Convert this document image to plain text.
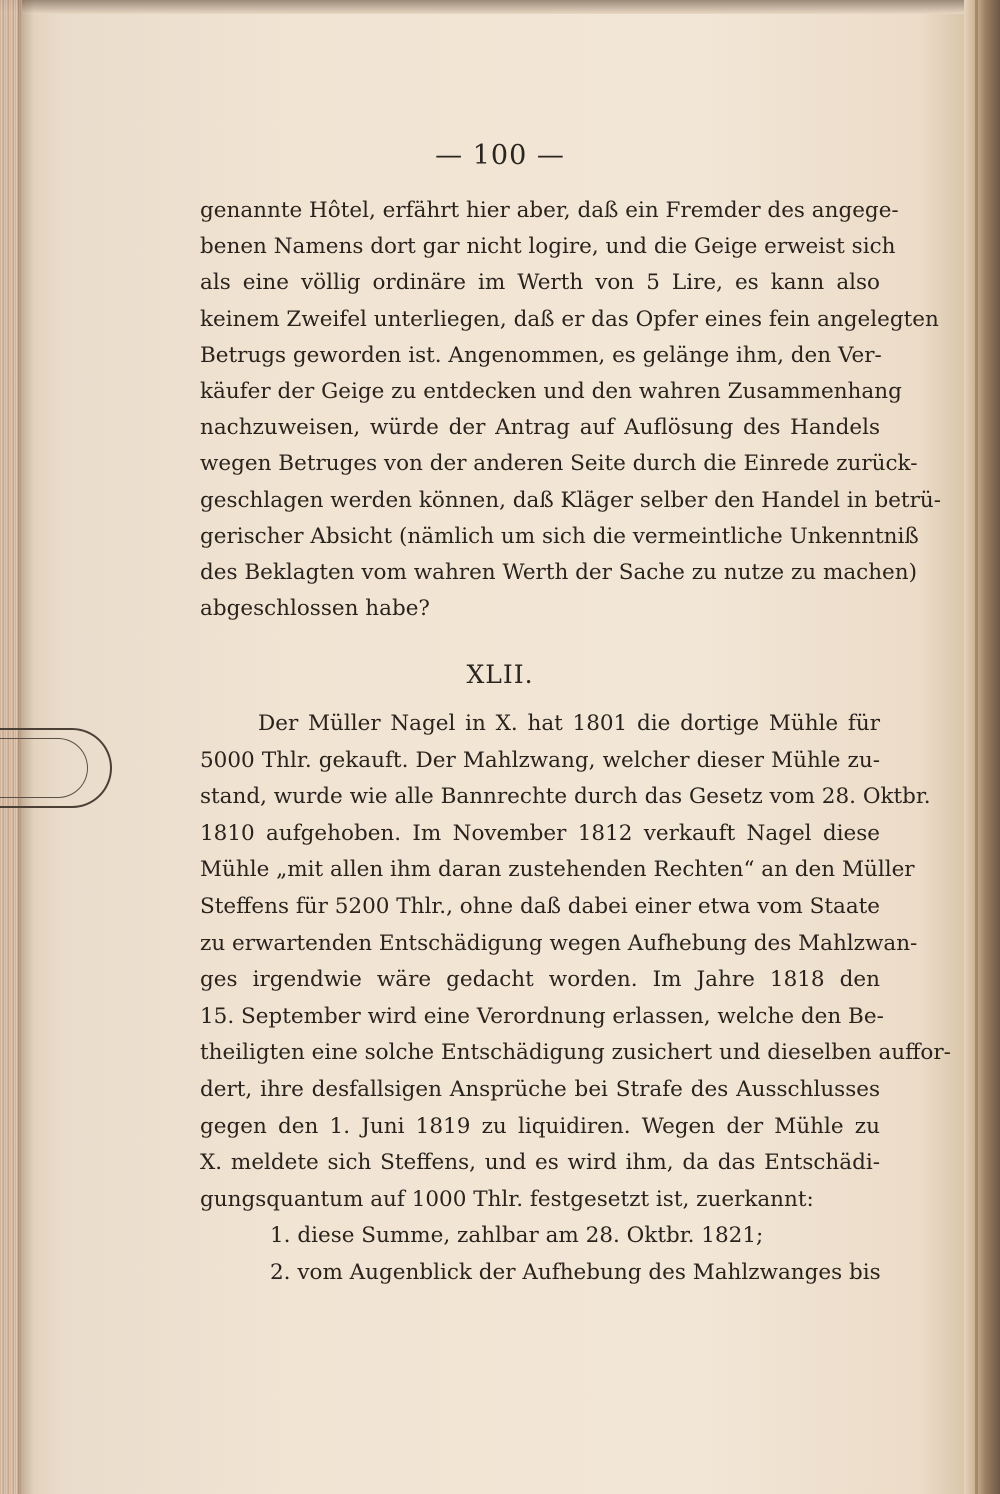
— 100 —
genannte Hôtel, erfährt hier aber, daß ein Fremder des angege-
benen Namens dort gar nicht logire, und die Geige erweist sich
als eine völlig ordinäre im Werth von 5 Lire, es kann also
keinem Zweifel unterliegen, daß er das Opfer eines fein angelegten
Betrugs geworden ist. Angenommen, es gelänge ihm, den Ver-
käufer der Geige zu entdecken und den wahren Zusammenhang
nachzuweisen, würde der Antrag auf Auflösung des Handels
wegen Betruges von der anderen Seite durch die Einrede zurück-
geschlagen werden können, daß Kläger selber den Handel in betrü-
gerischer Absicht (nämlich um sich die vermeintliche Unkenntniß
des Beklagten vom wahren Werth der Sache zu nutze zu machen)
abgeschlossen habe?
XLII.
Der Müller Nagel in X. hat 1801 die dortige Mühle für
5000 Thlr. gekauft. Der Mahlzwang, welcher dieser Mühle zu-
stand, wurde wie alle Bannrechte durch das Gesetz vom 28. Oktbr.
1810 aufgehoben. Im November 1812 verkauft Nagel diese
Mühle „mit allen ihm daran zustehenden Rechten“ an den Müller
Steffens für 5200 Thlr., ohne daß dabei einer etwa vom Staate
zu erwartenden Entschädigung wegen Aufhebung des Mahlzwan-
ges irgendwie wäre gedacht worden. Im Jahre 1818 den
15. September wird eine Verordnung erlassen, welche den Be-
theiligten eine solche Entschädigung zusichert und dieselben auffor-
dert, ihre desfallsigen Ansprüche bei Strafe des Ausschlusses
gegen den 1. Juni 1819 zu liquidiren. Wegen der Mühle zu
X. meldete sich Steffens, und es wird ihm, da das Entschädi-
gungsquantum auf 1000 Thlr. festgesetzt ist, zuerkannt:
1. diese Summe, zahlbar am 28. Oktbr. 1821;
2. vom Augenblick der Aufhebung des Mahlzwanges bis
